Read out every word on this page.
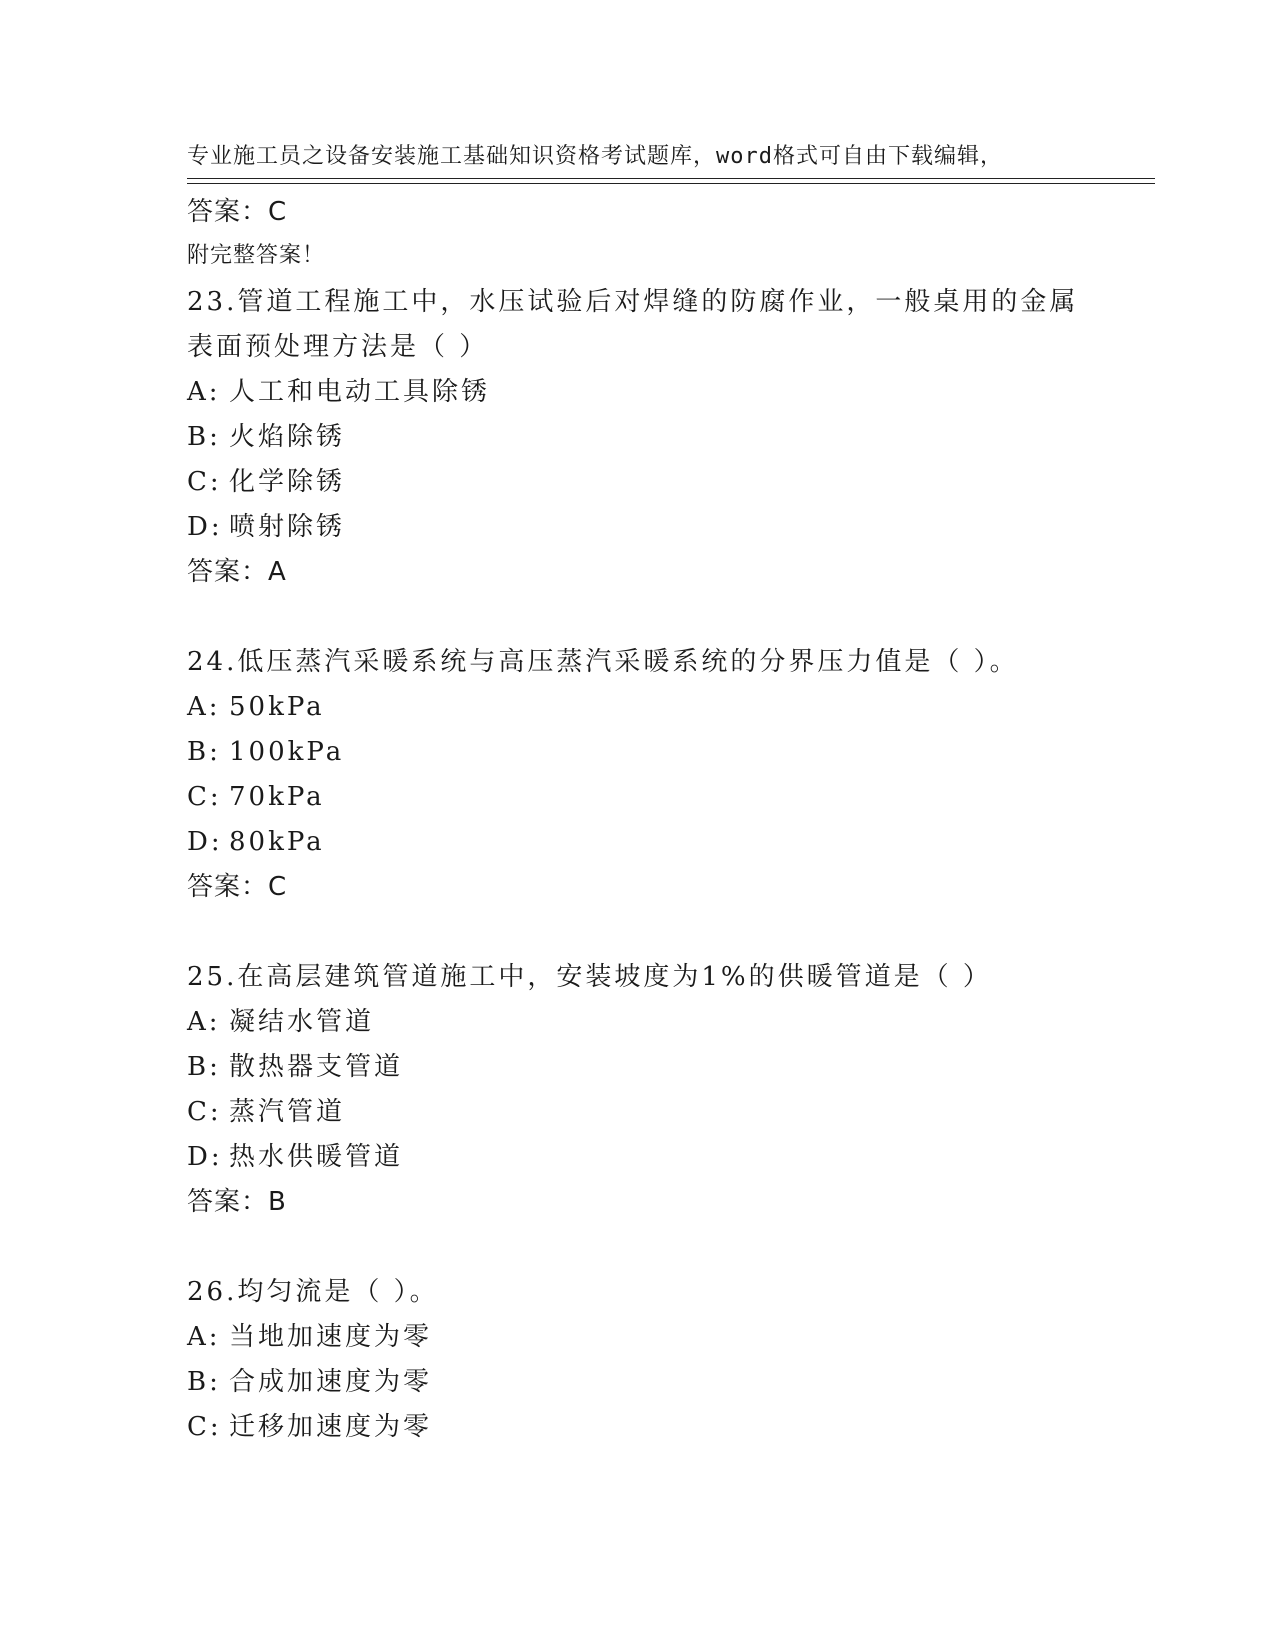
专业施工员之设备安装施工基础知识资格考试题库，word格式可自由下载编辑，

附完整答案！

答案：C
23.管道工程施工中，水压试验后对焊缝的防腐作业，一般桌用的金属
表面预处理方法是（ ）
A: 人工和电动工具除锈
B: 火焰除锈
C: 化学除锈
D: 喷射除锈
答案：A
24.低压蒸汽采暖系统与高压蒸汽采暖系统的分界压力值是（ ）。
A: 50kPa
B: 100kPa
C: 70kPa
D: 80kPa
答案：C
25.在高层建筑管道施工中，安装坡度为1%的供暖管道是（ ）
A: 凝结水管道
B: 散热器支管道
C: 蒸汽管道
D: 热水供暖管道
答案：B
26.均匀流是（ ）。
A: 当地加速度为零
B: 合成加速度为零
C: 迁移加速度为零
